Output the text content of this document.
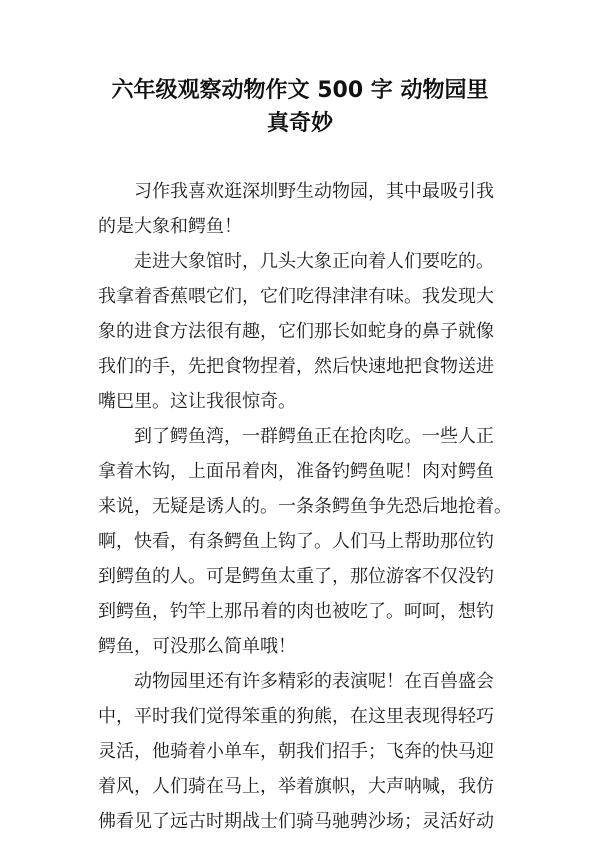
六年级观察动物作文 500 字 动物园里
真奇妙
习作我喜欢逛深圳野生动物园，其中最吸引我
的是大象和鳄鱼！
走进大象馆时，几头大象正向着人们要吃的。
我拿着香蕉喂它们，它们吃得津津有味。我发现大
象的进食方法很有趣，它们那长如蛇身的鼻子就像
我们的手，先把食物捏着，然后快速地把食物送进
嘴巴里。这让我很惊奇。
到了鳄鱼湾，一群鳄鱼正在抢肉吃。一些人正
拿着木钩，上面吊着肉，准备钓鳄鱼呢！肉对鳄鱼
来说，无疑是诱人的。一条条鳄鱼争先恐后地抢着。
啊，快看，有条鳄鱼上钩了。人们马上帮助那位钓
到鳄鱼的人。可是鳄鱼太重了，那位游客不仅没钓
到鳄鱼，钓竿上那吊着的肉也被吃了。呵呵，想钓
鳄鱼，可没那么简单哦！
动物园里还有许多精彩的表演呢！在百兽盛会
中，平时我们觉得笨重的狗熊，在这里表现得轻巧
灵活，他骑着小单车，朝我们招手；飞奔的快马迎
着风，人们骑在马上，举着旗帜，大声呐喊，我仿
佛看见了远古时期战士们骑马驰骋沙场；灵活好动
